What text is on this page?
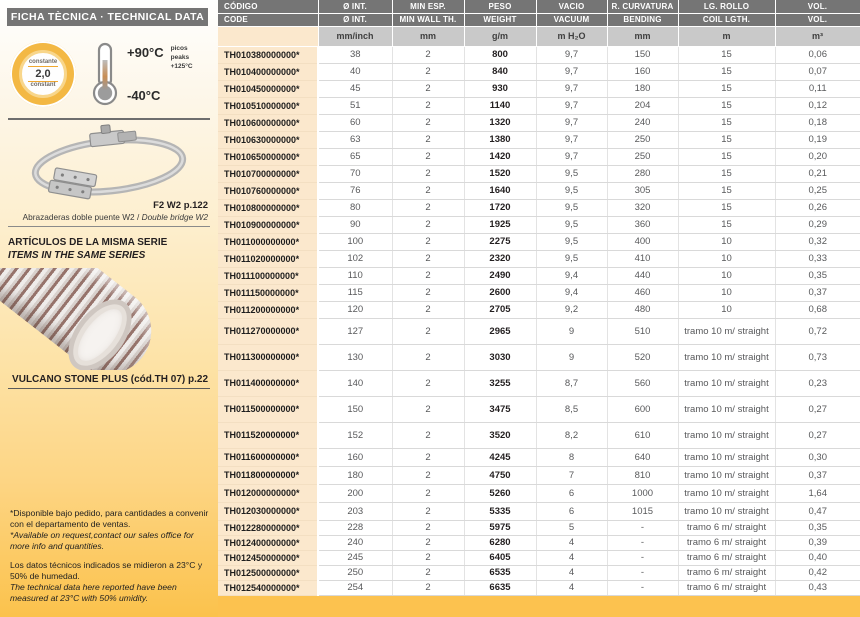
FICHA TÈCNICA · TECHNICAL DATA
constante
2,0
constant
+90°C picos
peaks
+125°C
-40°C
F2 W2 p.122
Abrazaderas doble puente W2 / Double bridge W2
ARTÍCULOS DE LA MISMA SERIE
ITEMS IN THE SAME SERIES
VULCANO STONE PLUS (cód.TH 07) p.22

*Disponible bajo pedido, para cantidades a convenir con el departamento de ventas.

*Available on request,contact our sales office for more info and quantities.

Los datos técnicos indicados se midieron a 23°C y 50% de humedad.

The technical data here reported have been measured at 23°C with 50% umidity.

CÓDIGO	Ø INT.	MIN ESP.	PESO	VACIO	R. CURVATURA	LG. ROLLO	VOL.
CODE	Ø INT.	MIN WALL TH.	WEIGHT	VACUUM	BENDING	COIL LGTH.	VOL.
	mm/inch	mm	g/m	m H₂O	mm	m	m³
TH010380000000*	38	2	800	9,7	150	15	0,06
TH010400000000*	40	2	840	9,7	160	15	0,07
TH010450000000*	45	2	930	9,7	180	15	0,11
TH010510000000*	51	2	1140	9,7	204	15	0,12
TH010600000000*	60	2	1320	9,7	240	15	0,18
TH010630000000*	63	2	1380	9,7	250	15	0,19
TH010650000000*	65	2	1420	9,7	250	15	0,20
TH010700000000*	70	2	1520	9,5	280	15	0,21
TH010760000000*	76	2	1640	9,5	305	15	0,25
TH010800000000*	80	2	1720	9,5	320	15	0,26
TH010900000000*	90	2	1925	9,5	360	15	0,29
TH011000000000*	100	2	2275	9,5	400	10	0,32
TH011020000000*	102	2	2320	9,5	410	10	0,33
TH011100000000*	110	2	2490	9,4	440	10	0,35
TH011150000000*	115	2	2600	9,4	460	10	0,37
TH011200000000*	120	2	2705	9,2	480	10	0,68
TH011270000000*	127	2	2965	9	510	tramo 10 m/ straight	0,72
TH011300000000*	130	2	3030	9	520	tramo 10 m/ straight	0,73
TH011400000000*	140	2	3255	8,7	560	tramo 10 m/ straight	0,23
TH011500000000*	150	2	3475	8,5	600	tramo 10 m/ straight	0,27
TH011520000000*	152	2	3520	8,2	610	tramo 10 m/ straight	0,27
TH011600000000*	160	2	4245	8	640	tramo 10 m/ straight	0,30
TH011800000000*	180	2	4750	7	810	tramo 10 m/ straight	0,37
TH012000000000*	200	2	5260	6	1000	tramo 10 m/ straight	1,64
TH012030000000*	203	2	5335	6	1015	tramo 10 m/ straight	0,47
TH012280000000*	228	2	5975	5	-	tramo 6 m/ straight	0,35
TH012400000000*	240	2	6280	4	-	tramo 6 m/ straight	0,39
TH012450000000*	245	2	6405	4	-	tramo 6 m/ straight	0,40
TH012500000000*	250	2	6535	4	-	tramo 6 m/ straight	0,42
TH012540000000*	254	2	6635	4	-	tramo 6 m/ straight	0,43
